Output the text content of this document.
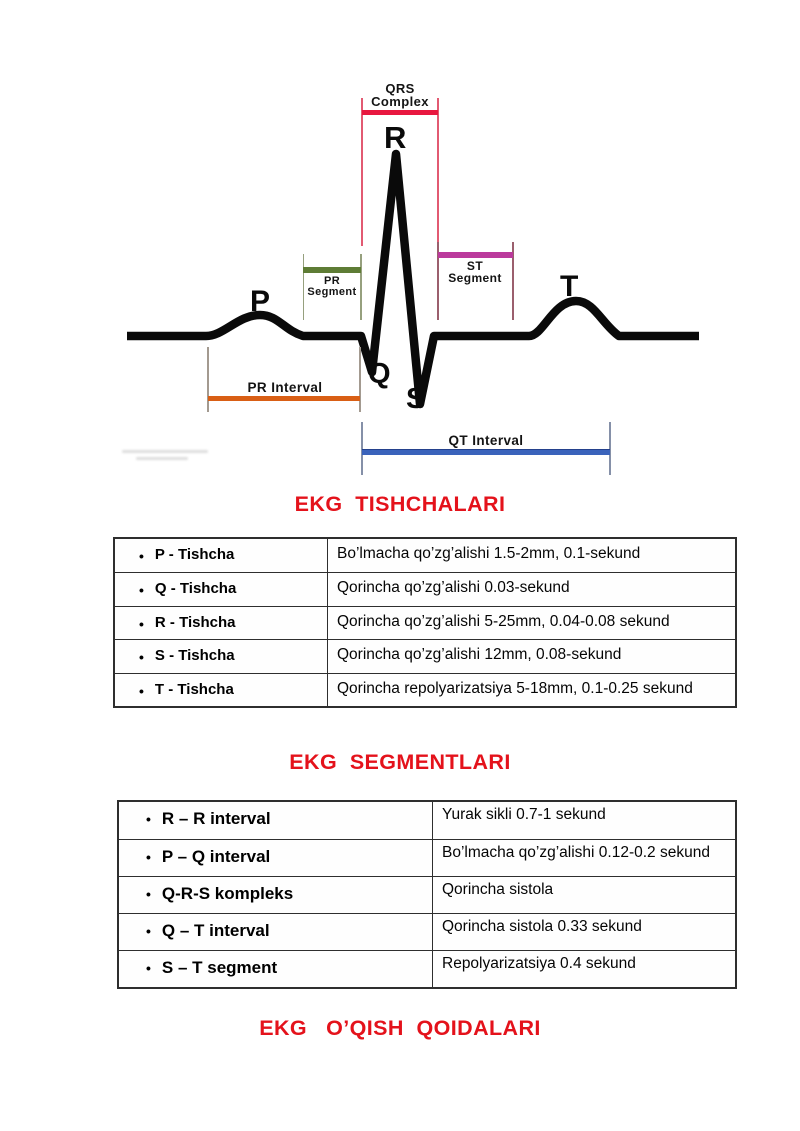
P
R
Q
S
T
QRS
Complex
PR
Segment
ST
Segment
PR Interval
QT Interval
EKG  TISHCHALARI
• P - Tishcha	Bo’lmacha qo’zg’alishi 1.5-2mm, 0.1-sekund
• Q - Tishcha	Qorincha qo’zg’alishi 0.03-sekund
• R - Tishcha	Qorincha qo’zg’alishi 5-25mm, 0.04-0.08 sekund
• S - Tishcha	Qorincha qo’zg’alishi 12mm, 0.08-sekund
• T - Tishcha	Qorincha repolyarizatsiya 5-18mm, 0.1-0.25 sekund
EKG  SEGMENTLARI
• R – R interval	Yurak sikli 0.7-1 sekund
• P – Q interval	Bo’lmacha qo’zg’alishi 0.12-0.2 sekund
• Q-R-S kompleks	Qorincha sistola
• Q – T interval	Qorincha sistola 0.33 sekund
• S – T segment	Repolyarizatsiya 0.4 sekund
EKG   O’QISH  QOIDALARI
